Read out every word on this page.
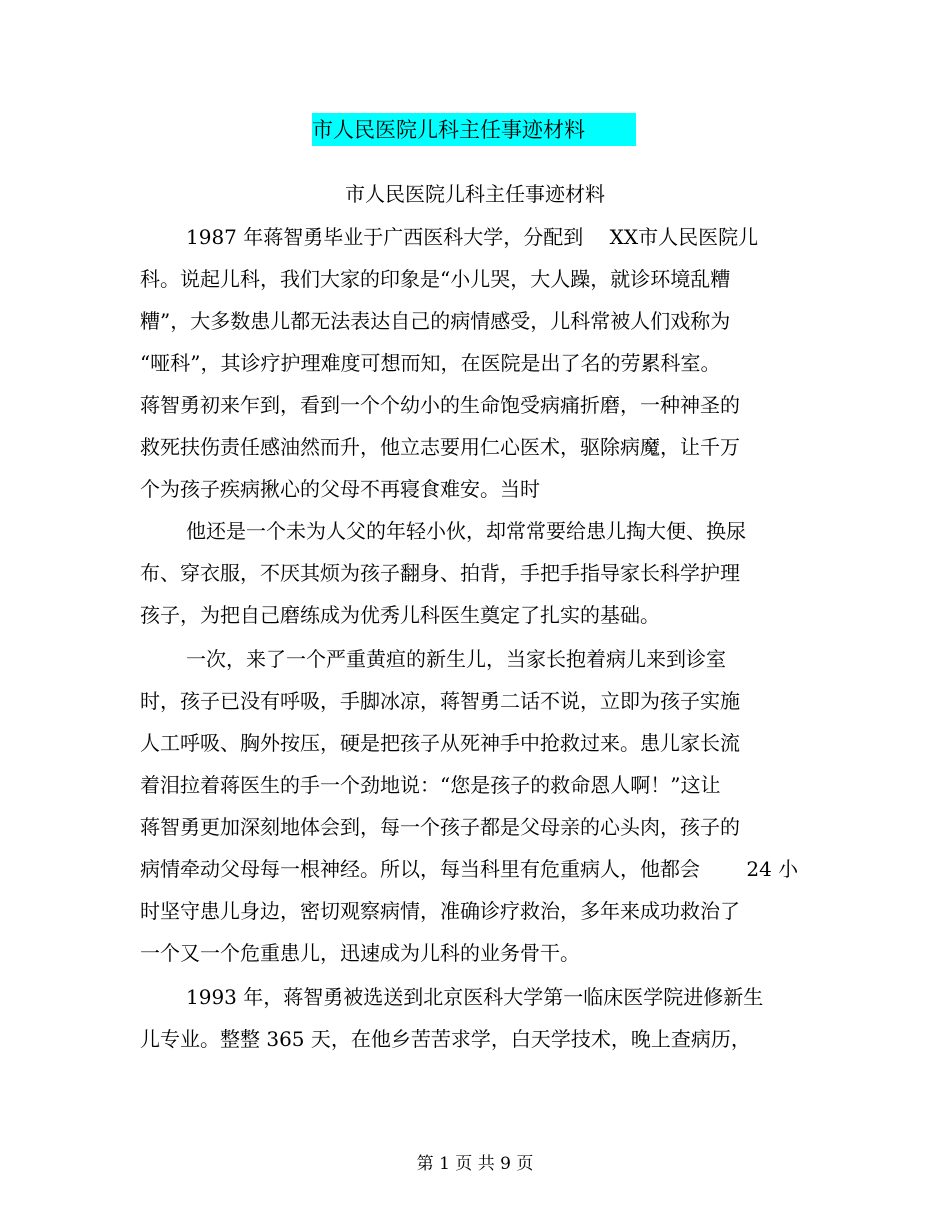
市人民医院儿科主任事迹材料
市人民医院儿科主任事迹材料
1987 年蒋智勇毕业于广西医科大学，分配到　 XX市人民医院儿
科。说起儿科，我们大家的印象是“小儿哭，大人躁，就诊环境乱糟
糟”，大多数患儿都无法表达自己的病情感受，儿科常被人们戏称为
“哑科”，其诊疗护理难度可想而知，在医院是出了名的劳累科室。
蒋智勇初来乍到，看到一个个幼小的生命饱受病痛折磨，一种神圣的
救死扶伤责任感油然而升，他立志要用仁心医术，驱除病魔，让千万
个为孩子疾病揪心的父母不再寝食难安。当时
他还是一个未为人父的年轻小伙，却常常要给患儿掏大便、换尿
布、穿衣服，不厌其烦为孩子翻身、拍背，手把手指导家长科学护理
孩子，为把自己磨练成为优秀儿科医生奠定了扎实的基础。
一次，来了一个严重黄疸的新生儿，当家长抱着病儿来到诊室
时，孩子已没有呼吸，手脚冰凉，蒋智勇二话不说，立即为孩子实施
人工呼吸、胸外按压，硬是把孩子从死神手中抢救过来。患儿家长流
着泪拉着蒋医生的手一个劲地说：“您是孩子的救命恩人啊！”这让
蒋智勇更加深刻地体会到，每一个孩子都是父母亲的心头肉，孩子的
病情牵动父母每一根神经。所以，每当科里有危重病人，他都会　　 24 小
时坚守患儿身边，密切观察病情，准确诊疗救治，多年来成功救治了
一个又一个危重患儿，迅速成为儿科的业务骨干。
1993 年，蒋智勇被选送到北京医科大学第一临床医学院进修新生
儿专业。整整 365 天，在他乡苦苦求学，白天学技术，晚上查病历，
第 1 页 共 9 页
